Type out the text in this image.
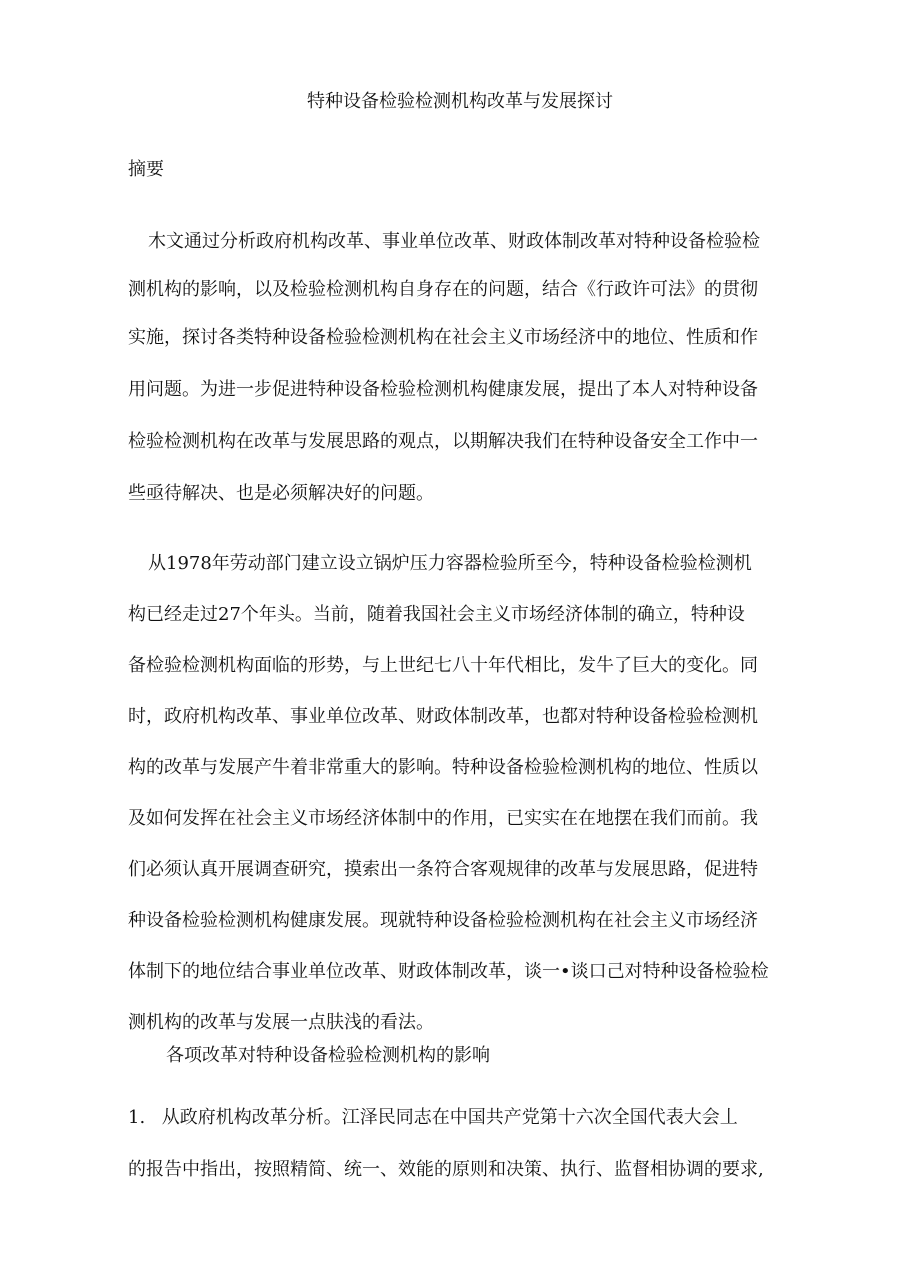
特种设备检验检测机构改革与发展探讨
摘要
木文通过分析政府机构改革、事业单位改革、财政体制改革对特种设备检验检
测机构的影响，以及检验检测机构自身存在的问题，结合《行政许可法》的贯彻
实施，探讨各类特种设备检验检测机构在社会主义市场经济中的地位、性质和作
用问题。为进一步促进特种设备检验检测机构健康发展，提出了本人对特种设备
检验检测机构在改革与发展思路的观点，以期解决我们在特种设备安全工作中一
些亟待解决、也是必须解决好的问题。
从1978年劳动部门建立设立锅炉压力容器检验所至今，特种设备检验检测机
构已经走过27个年头。当前，随着我国社会主义市场经济体制的确立，特种设
备检验检测机构面临的形势，与上世纪七八十年代相比，发牛了巨大的变化。同
时，政府机构改革、事业单位改革、财政体制改革，也都对特种设备检验检测机
构的改革与发展产牛着非常重大的影响。特种设备检验检测机构的地位、性质以
及如何发挥在社会主义市场经济体制中的作用，已实实在在地摆在我们而前。我
们必须认真开展调查研究，摸索出一条符合客观规律的改革与发展思路，促进特
种设备检验检测机构健康发展。现就特种设备检验检测机构在社会主义市场经济
体制下的地位结合事业单位改革、财政体制改革，谈一•谈口己对特种设备检验检
测机构的改革与发展一点肤浅的看法。
各项改革对特种设备检验检测机构的影响
1. 从政府机构改革分析。江泽民同志在中国共产党第十六次全国代表大会丄
的报告中指出，按照精简、统一、效能的原则和决策、执行、监督相协调的要求,
